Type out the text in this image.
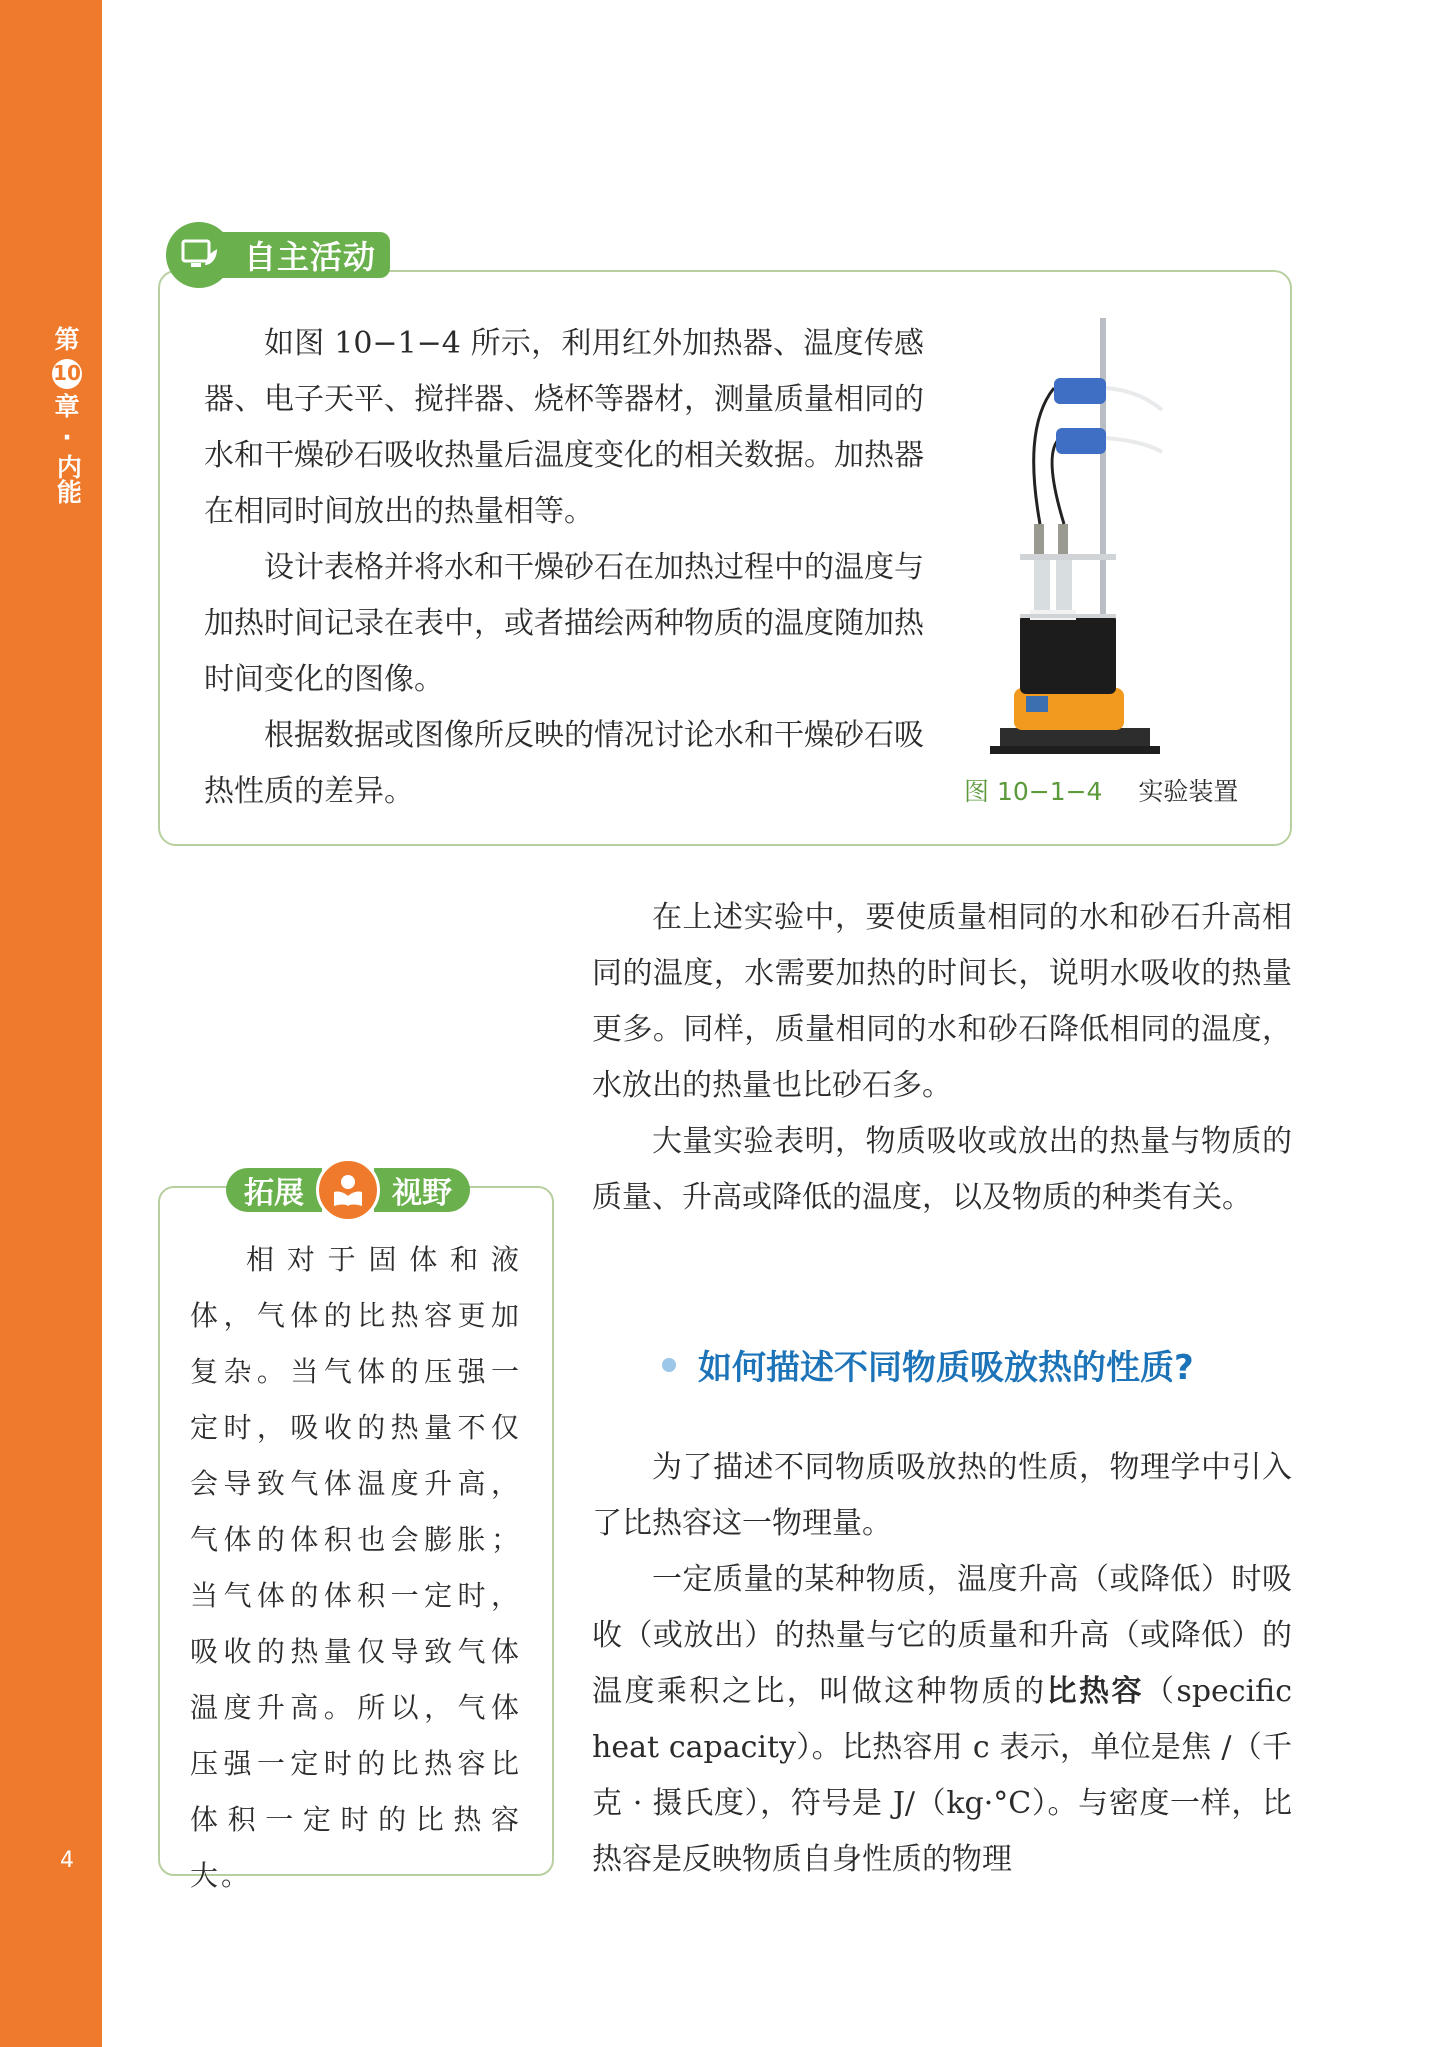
第
10
章
·
内能
4
自主活动

如图 10−1−4 所示，利用红外加热器、温度传感器、电子天平、搅拌器、烧杯等器材，测量质量相同的水和干燥砂石吸收热量后温度变化的相关数据。加热器在相同时间放出的热量相等。

设计表格并将水和干燥砂石在加热过程中的温度与加热时间记录在表中，或者描绘两种物质的温度随加热时间变化的图像。

根据数据或图像所反映的情况讨论水和干燥砂石吸热性质的差异。	图 10−1−4 实验装置

在上述实验中，要使质量相同的水和砂石升高相同的温度，水需要加热的时间长，说明水吸收的热量更多。同样，质量相同的水和砂石降低相同的温度，水放出的热量也比砂石多。

大量实验表明，物质吸收或放出的热量与物质的质量、升高或降低的温度，以及物质的种类有关。

如何描述不同物质吸放热的性质?

为了描述不同物质吸放热的性质，物理学中引入了比热容这一物理量。

一定质量的某种物质，温度升高（或降低）时吸收（或放出）的热量与它的质量和升高（或降低）的温度乘积之比，叫做这种物质的比热容（specific heat capacity）。比热容用 c 表示，单位是焦 /（千克 · 摄氏度），符号是 J/（kg·°C）。与密度一样，比热容是反映物质自身性质的物理

拓展	视野

相对于固体和液体，气体的比热容更加复杂。当气体的压强一定时，吸收的热量不仅会导致气体温度升高，气体的体积也会膨胀；当气体的体积一定时，吸收的热量仅导致气体温度升高。所以，气体压强一定时的比热容比体积一定时的比热容大。
